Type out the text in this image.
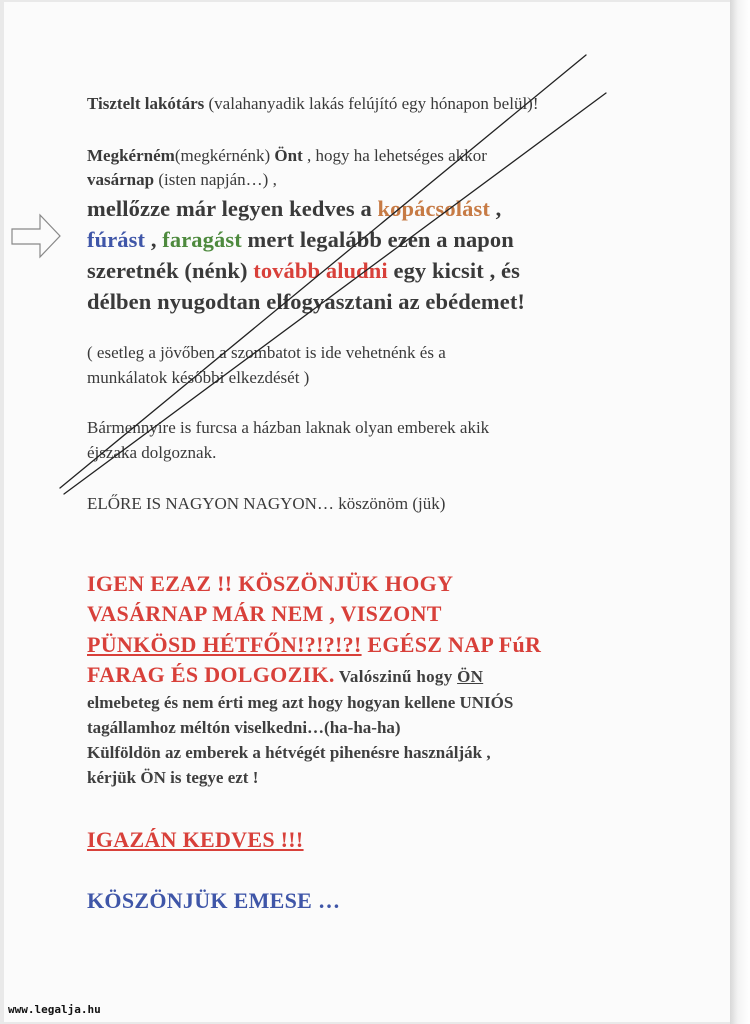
Tisztelt lakótárs (valahanyadik lakás felújító egy hónapon belül)!

Megkérném(megkérnénk) Önt , hogy ha lehetséges akkor

vasárnap (isten napján…) ,

mellőzze már legyen kedves a kopácsolást ,

fúrást , faragást mert legalább ezen a napon

szeretnék (nénk) tovább aludni egy kicsit , és

délben nyugodtan elfogyasztani az ebédemet!

( esetleg a jövőben a szombatot is ide vehetnénk és a

munkálatok későbbi elkezdését )

Bármennyire is furcsa a házban laknak olyan emberek akik

éjszaka dolgoznak.

ELŐRE IS NAGYON NAGYON… köszönöm (jük)

IGEN EZAZ !! KÖSZÖNJÜK HOGY

VASÁRNAP MÁR NEM , VISZONT

PÜNKÖSD HÉTFŐN!?!?!?! EGÉSZ NAP FúR

FARAG ÉS DOLGOZIK. Valószinű hogy ÖN

elmebeteg és nem érti meg azt hogy hogyan kellene UNIÓS

tagállamhoz méltón viselkedni…(ha-ha-ha)

Külföldön az emberek a hétvégét pihenésre használják ,

kérjük ÖN is tegye ezt !

IGAZÁN KEDVES !!!

KÖSZÖNJÜK EMESE …

www.legalja.hu
